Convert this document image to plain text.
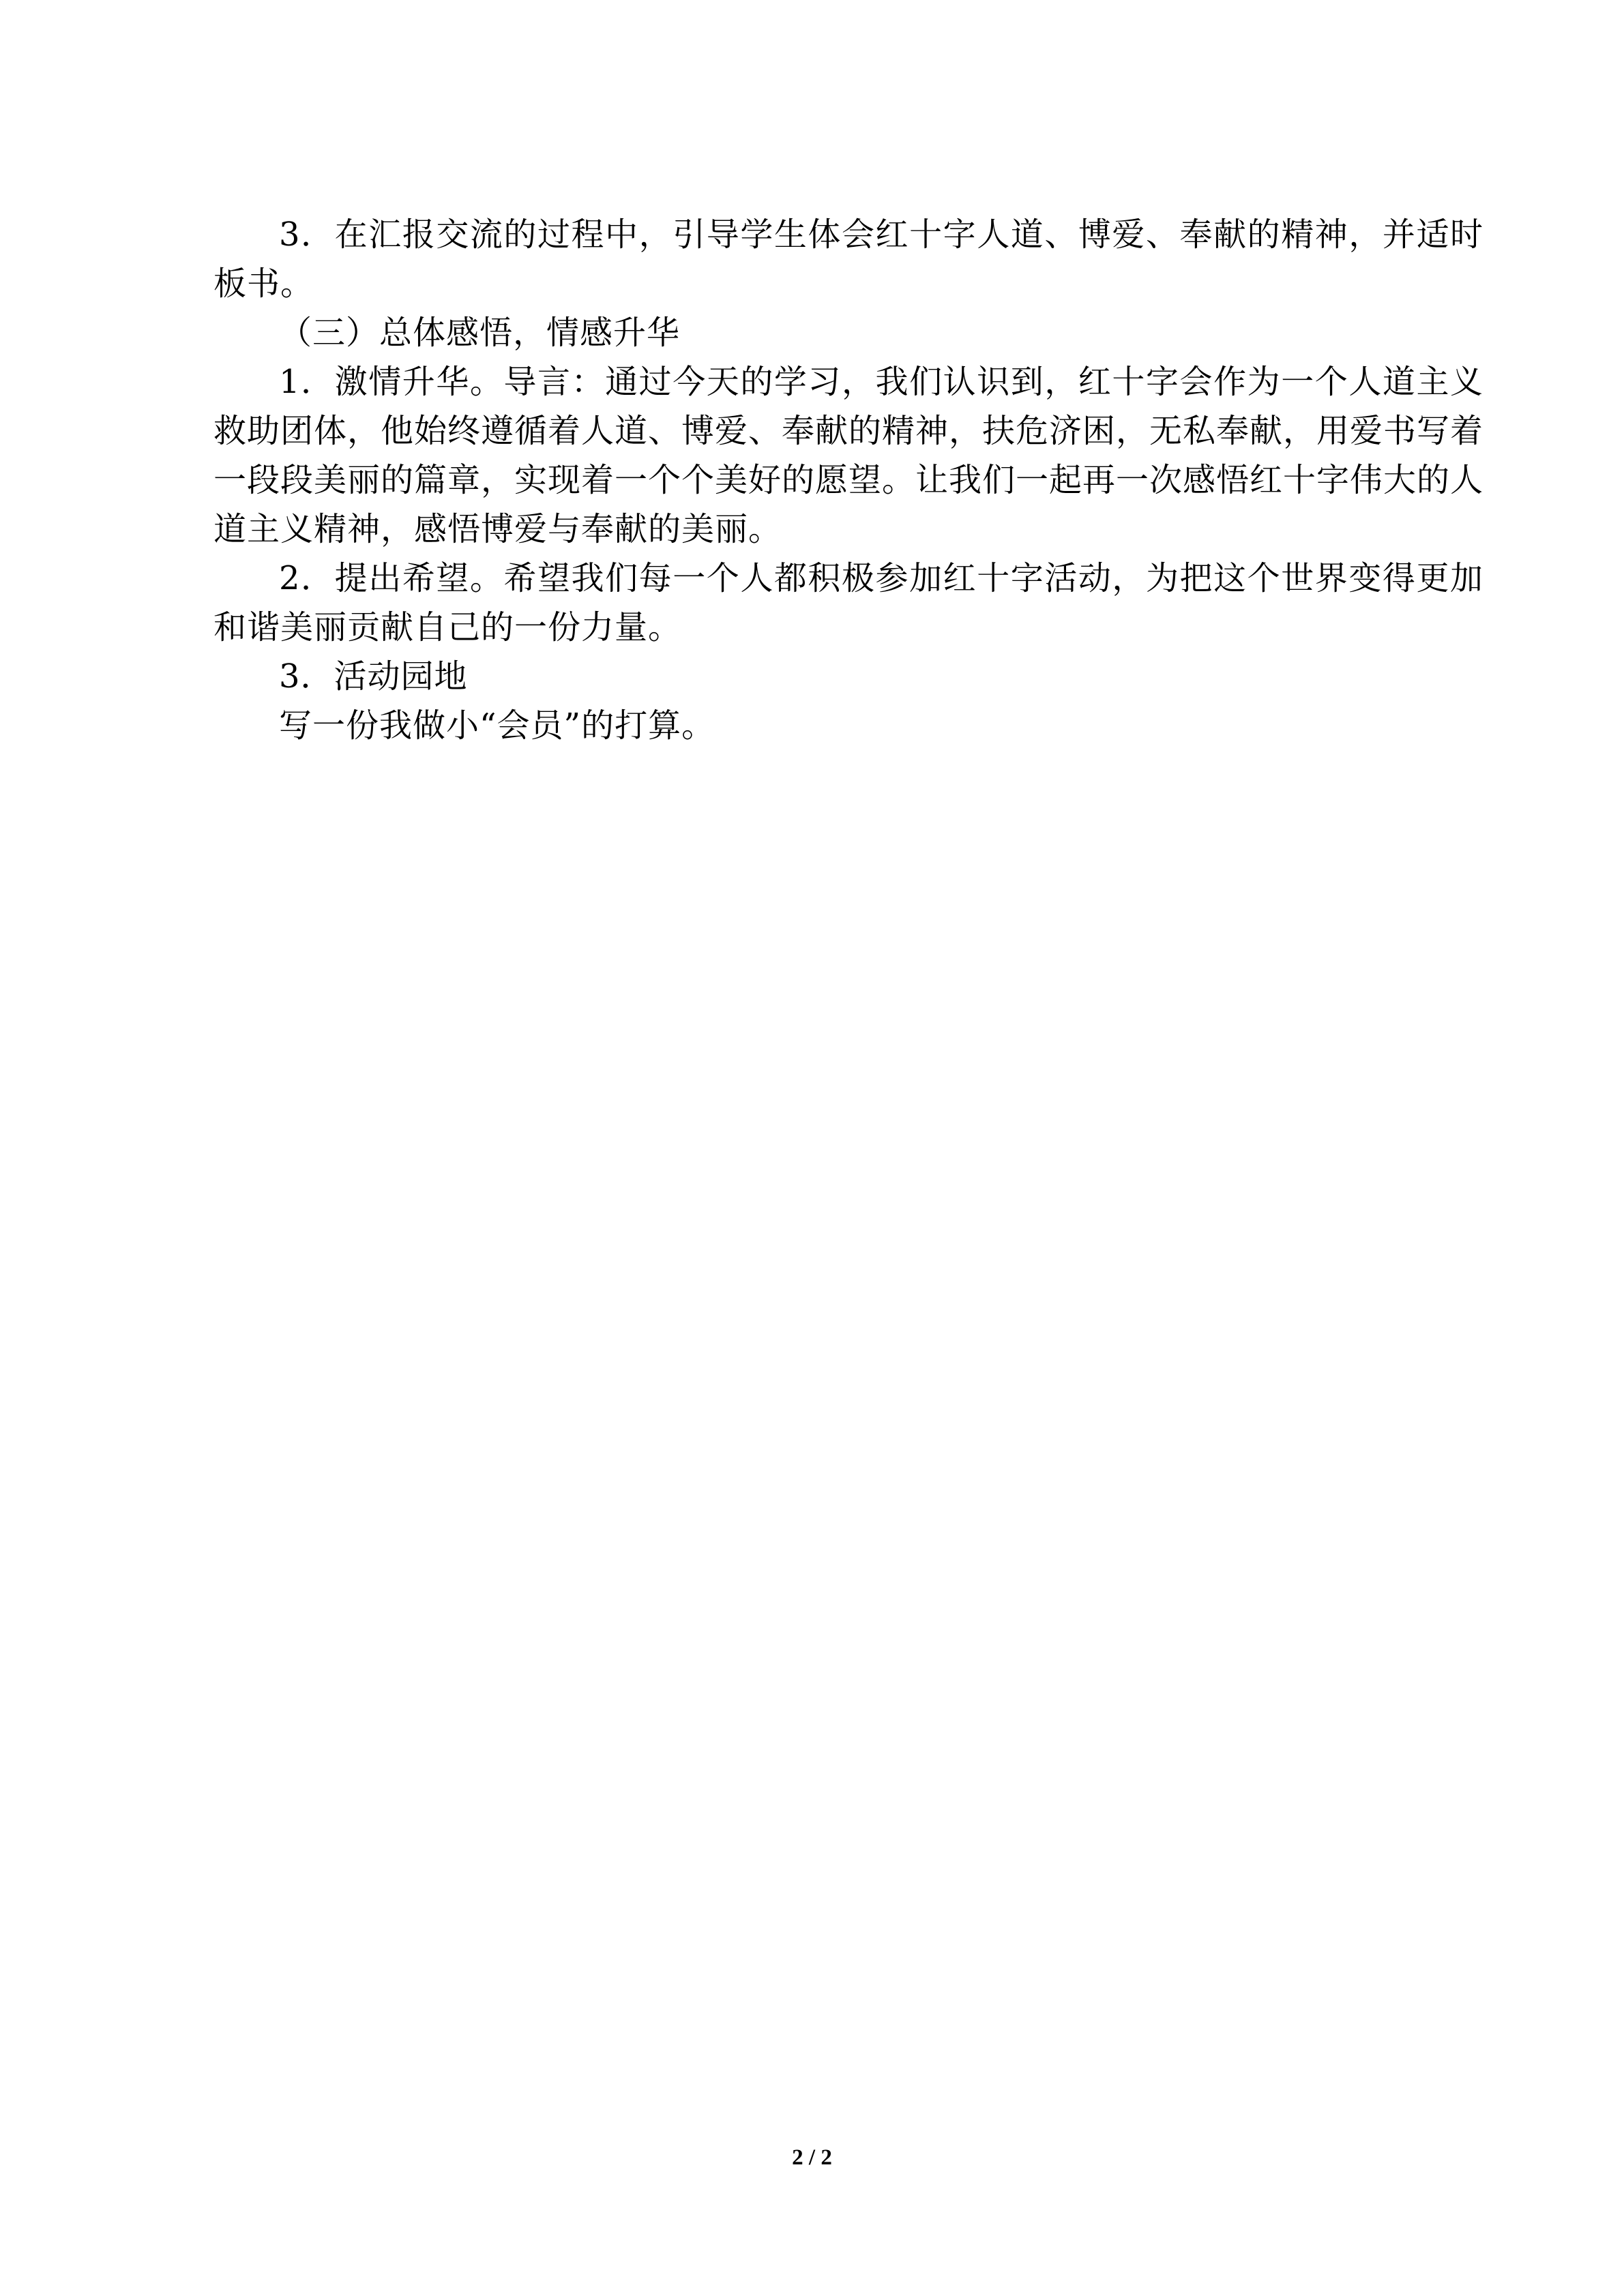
3．在汇报交流的过程中，引导学生体会红十字人道、博爱、奉献的精神，并适时板书。

（三）总体感悟，情感升华

1．激情升华。导言：通过今天的学习，我们认识到，红十字会作为一个人道主义救助团体，他始终遵循着人道、博爱、奉献的精神，扶危济困，无私奉献，用爱书写着一段段美丽的篇章，实现着一个个美好的愿望。让我们一起再一次感悟红十字伟大的人道主义精神，感悟博爱与奉献的美丽。

2．提出希望。希望我们每一个人都积极参加红十字活动，为把这个世界变得更加和谐美丽贡献自己的一份力量。

3．活动园地

写一份我做小“会员”的打算。

2 / 2
